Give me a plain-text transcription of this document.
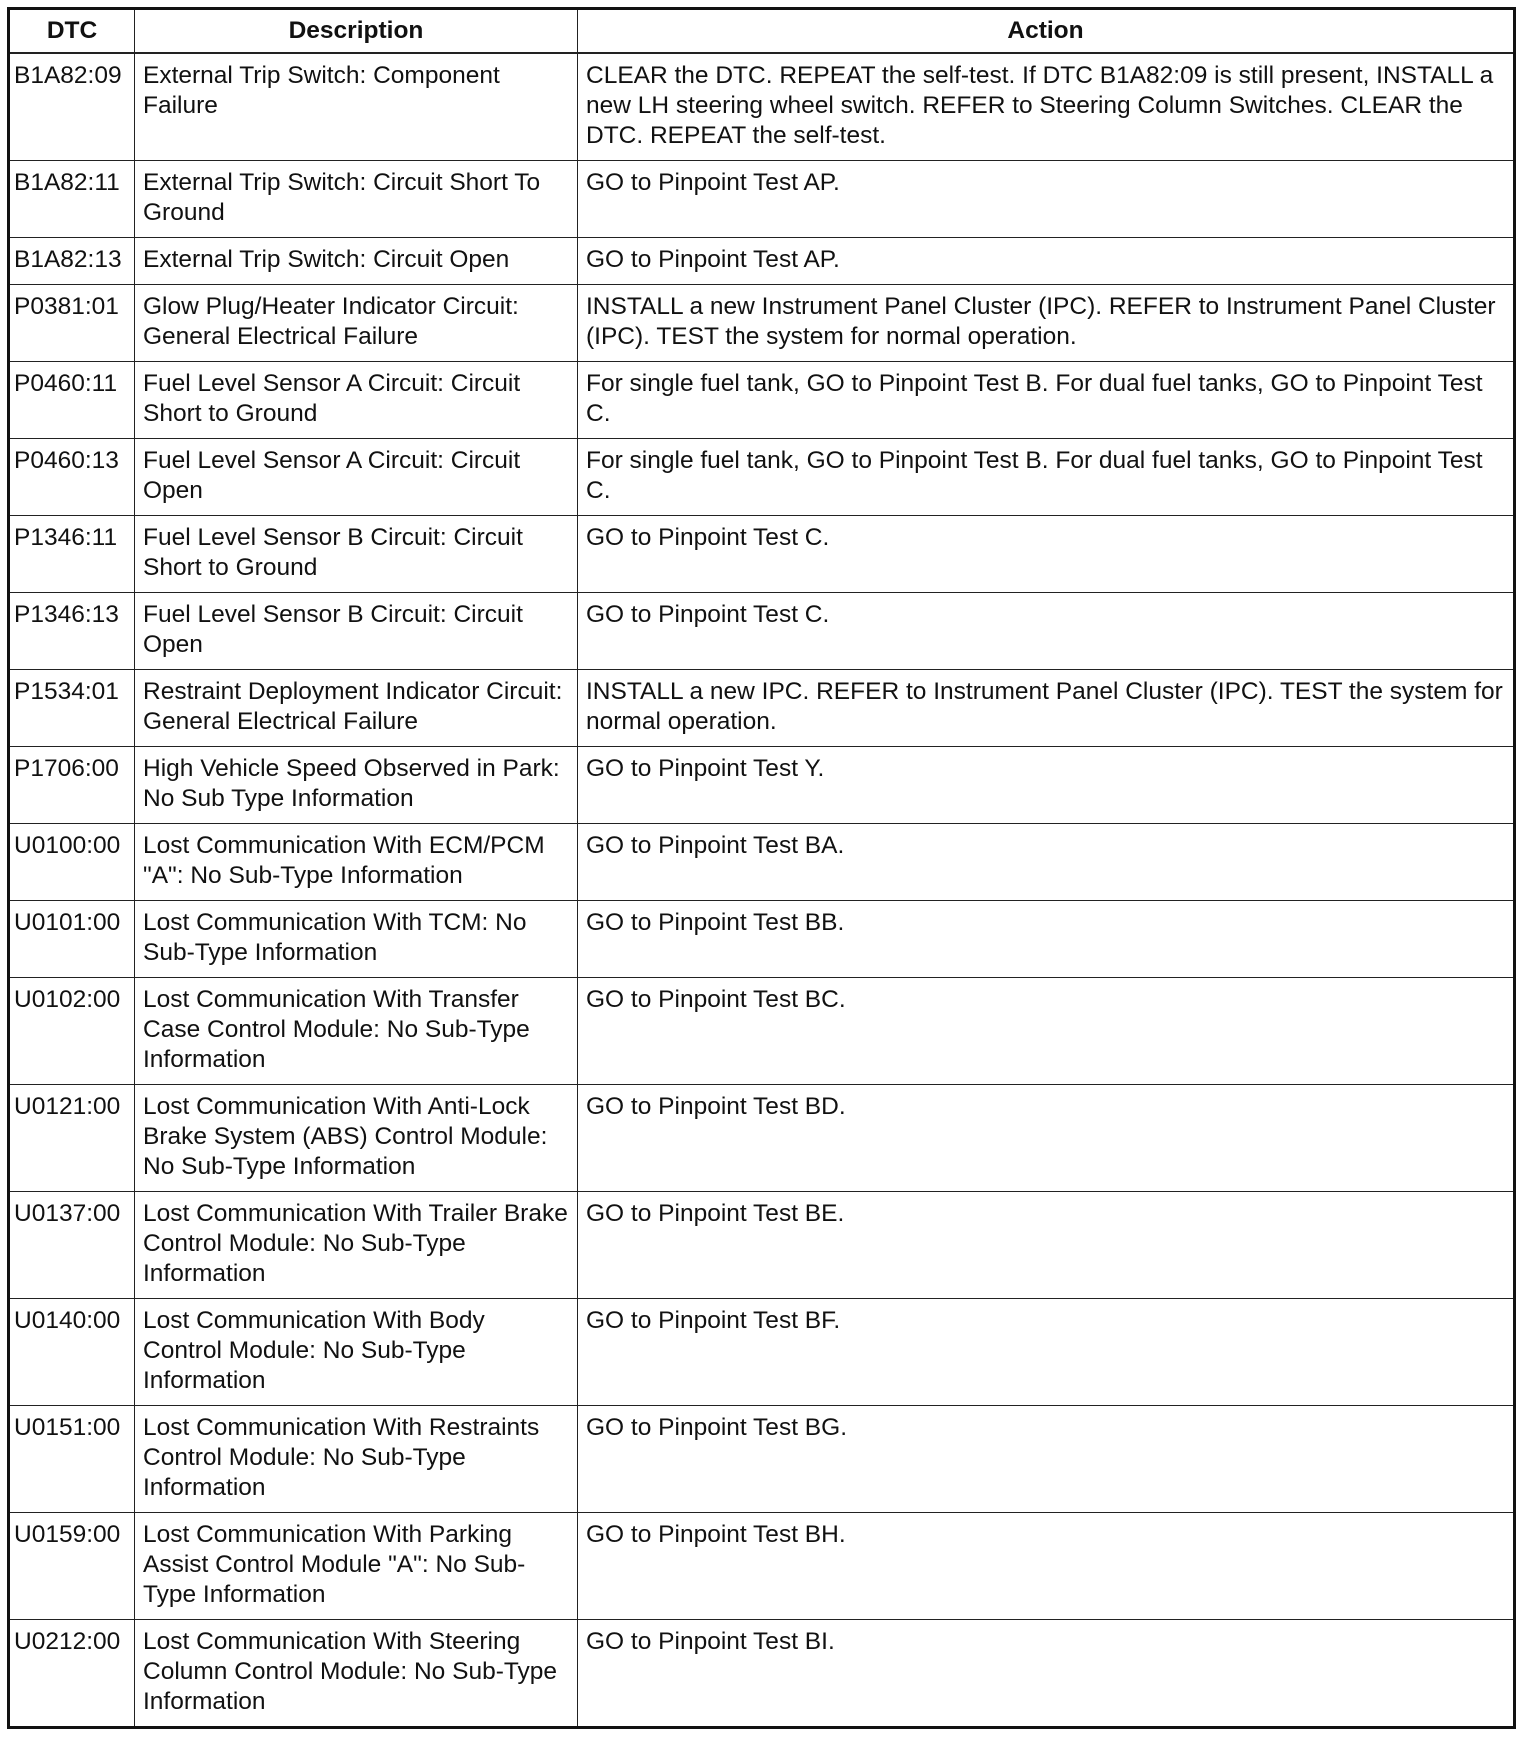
DTC	Description	Action
B1A82:09	External Trip Switch: Component Failure	CLEAR the DTC. REPEAT the self-test. If DTC B1A82:09 is still present, INSTALL a new LH steering wheel switch. REFER to Steering Column Switches. CLEAR the DTC. REPEAT the self-test.
B1A82:11	External Trip Switch: Circuit Short To Ground	GO to Pinpoint Test AP.
B1A82:13	External Trip Switch: Circuit Open	GO to Pinpoint Test AP.
P0381:01	Glow Plug/Heater Indicator Circuit: General Electrical Failure	INSTALL a new Instrument Panel Cluster (IPC). REFER to Instrument Panel Cluster (IPC). TEST the system for normal operation.
P0460:11	Fuel Level Sensor A Circuit: Circuit Short to Ground	For single fuel tank, GO to Pinpoint Test B. For dual fuel tanks, GO to Pinpoint Test C.
P0460:13	Fuel Level Sensor A Circuit: Circuit Open	For single fuel tank, GO to Pinpoint Test B. For dual fuel tanks, GO to Pinpoint Test C.
P1346:11	Fuel Level Sensor B Circuit: Circuit Short to Ground	GO to Pinpoint Test C.
P1346:13	Fuel Level Sensor B Circuit: Circuit Open	GO to Pinpoint Test C.
P1534:01	Restraint Deployment Indicator Circuit: General Electrical Failure	INSTALL a new IPC. REFER to Instrument Panel Cluster (IPC). TEST the system for normal operation.
P1706:00	High Vehicle Speed Observed in Park: No Sub Type Information	GO to Pinpoint Test Y.
U0100:00	Lost Communication With ECM/PCM "A": No Sub-Type Information	GO to Pinpoint Test BA.
U0101:00	Lost Communication With TCM: No Sub-Type Information	GO to Pinpoint Test BB.
U0102:00	Lost Communication With Transfer Case Control Module: No Sub-Type Information	GO to Pinpoint Test BC.
U0121:00	Lost Communication With Anti-Lock Brake System (ABS) Control Module: No Sub-Type Information	GO to Pinpoint Test BD.
U0137:00	Lost Communication With Trailer Brake Control Module: No Sub-Type Information	GO to Pinpoint Test BE.
U0140:00	Lost Communication With Body Control Module: No Sub-Type Information	GO to Pinpoint Test BF.
U0151:00	Lost Communication With Restraints Control Module: No Sub-Type Information	GO to Pinpoint Test BG.
U0159:00	Lost Communication With Parking Assist Control Module "A": No Sub-Type Information	GO to Pinpoint Test BH.
U0212:00	Lost Communication With Steering Column Control Module: No Sub-Type Information	GO to Pinpoint Test BI.
